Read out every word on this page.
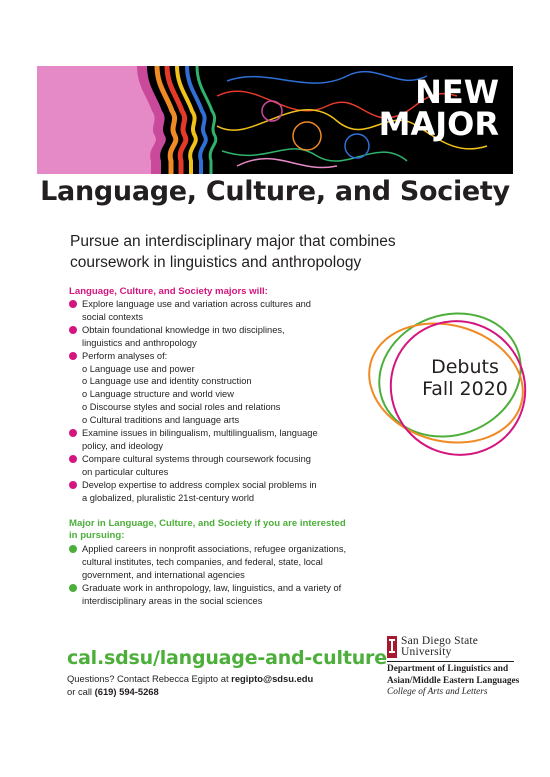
NEW
MAJOR
Language, Culture, and Society
Pursue an interdisciplinary major that combines
coursework in linguistics and anthropology
Language, Culture, and Society majors will:
Explore language use and variation across cultures and
social contexts
Obtain foundational knowledge in two disciplines,
linguistics and anthropology
Perform analyses of:
o Language use and power
o Language use and identity construction
o Language structure and world view
o Discourse styles and social roles and relations
o Cultural traditions and language arts
Examine issues in bilingualism, multilingualism, language
policy, and ideology
Compare cultural systems through coursework focusing
on particular cultures
Develop expertise to address complex social problems in
a globalized, pluralistic 21st-century world
Debuts
Fall 2020
Major in Language, Culture, and Society if you are interested
in pursuing:
Applied careers in nonprofit associations, refugee organizations,
cultural institutes, tech companies, and federal, state, local
government, and international agencies
Graduate work in anthropology, law, linguistics, and a variety of
interdisciplinary areas in the social sciences
cal.sdsu/language-and-culture
Questions? Contact Rebecca Egipto at regipto@sdsu.edu
or call (619) 594-5268
San Diego State
University
Department of Linguistics and
Asian/Middle Eastern Languages
College of Arts and Letters
